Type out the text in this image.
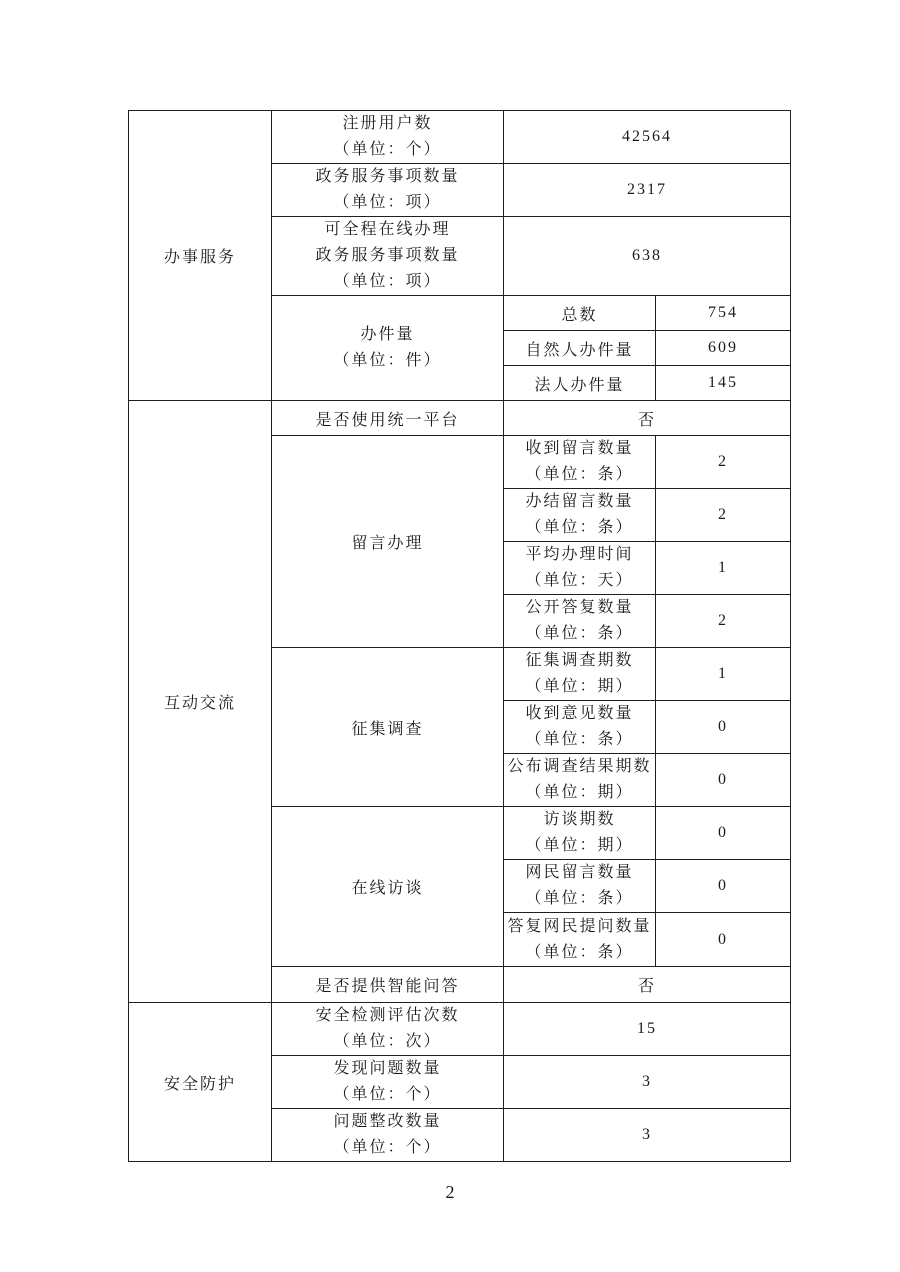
办事服务	注册用户数
（单位：个）	42564	

	政务服务事项数量
（单位：项）	2317	

	可全程在线办理
政务服务事项数量
（单位：项）	638	

	办件量
（单位：件）	总数	754
		自然人办件量	609
		法人办件量	145
互动交流	是否使用统一平台	否	
	留言办理	收到留言数量
（单位：条）	2

		办结留言数量
（单位：条）	2

		平均办理时间
（单位：天）	1

		公开答复数量
（单位：条）	2
	征集调查	征集调查期数
（单位：期）	1

		收到意见数量
（单位：条）	0

		公布调查结果期数
（单位：期）	0
	在线访谈	访谈期数
（单位：期）	0

		网民留言数量
（单位：条）	0

		答复网民提问数量
（单位：条）	0
	是否提供智能问答	否	
安全防护	安全检测评估次数
（单位：次）	15	

	发现问题数量
（单位：个）	3	

	问题整改数量
（单位：个）	3	
2
